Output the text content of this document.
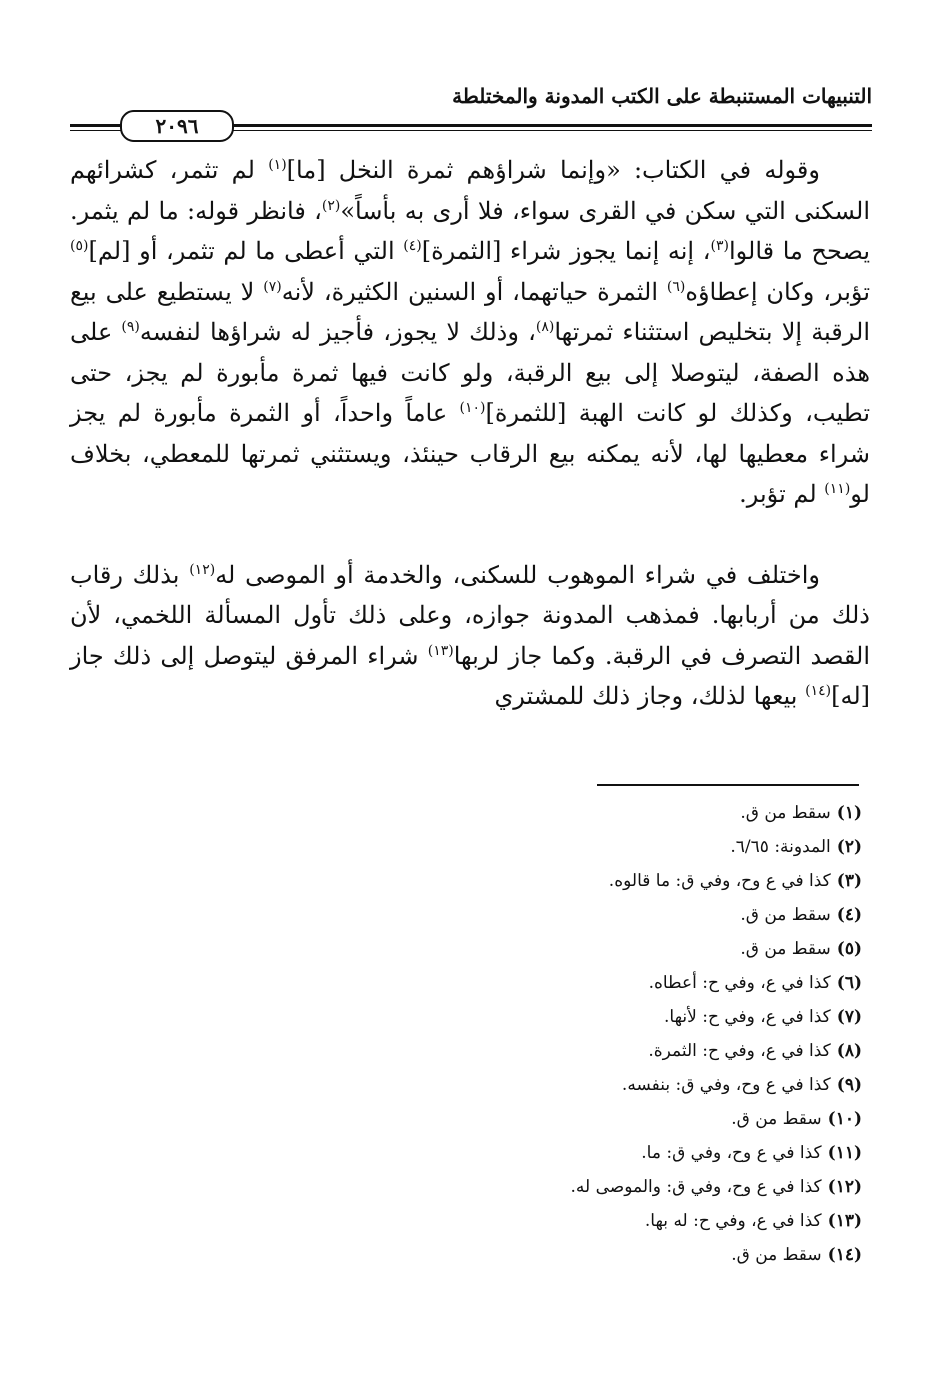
التنبيهات المستنبطة على الكتب المدونة والمختلطة
٢٠٩٦

وقوله في الكتاب: «وإنما شراؤهم ثمرة النخل [ما]$^{(١)}$ لم تثمر، كشرائهم السكنى التي سكن في القرى سواء، فلا أرى به بأساً»$^{(٢)}$، فانظر قوله: ما لم يثمر. يصحح ما قالوا$^{(٣)}$، إنه إنما يجوز شراء [الثمرة]$^{(٤)}$ التي أعطى ما لم تثمر، أو [لم]$^{(٥)}$ تؤبر، وكان إعطاؤه$^{(٦)}$ الثمرة حياتهما، أو السنين الكثيرة، لأنه$^{(٧)}$ لا يستطيع على بيع الرقبة إلا بتخليص استثناء ثمرتها$^{(٨)}$، وذلك لا يجوز، فأجيز له شراؤها لنفسه$^{(٩)}$ على هذه الصفة، ليتوصلا إلى بيع الرقبة، ولو كانت فيها ثمرة مأبورة لم يجز، حتى تطيب، وكذلك لو كانت الهبة [للثمرة]$^{(١٠)}$ عاماً واحداً، أو الثمرة مأبورة لم يجز شراء معطيها لها، لأنه يمكنه بيع الرقاب حينئذ، ويستثني ثمرتها للمعطي، بخلاف لو$^{(١١)}$ لم تؤبر.

واختلف في شراء الموهوب للسكنى، والخدمة أو الموصى له$^{(١٢)}$ بذلك رقاب ذلك من أربابها. فمذهب المدونة جوازه، وعلى ذلك تأول المسألة اللخمي، لأن القصد التصرف في الرقبة. وكما جاز لربها$^{(١٣)}$ شراء المرفق ليتوصل إلى ذلك جاز [له]$^{(١٤)}$ بيعها لذلك، وجاز ذلك للمشتري

(١)سقط من ق.
(٢)المدونة: ٦/٦٥.
(٣)كذا في ع وح، وفي ق: ما قالوه.
(٤)سقط من ق.
(٥)سقط من ق.
(٦)كذا في ع، وفي ح: أعطاه.
(٧)كذا في ع، وفي ح: لأنها.
(٨)كذا في ع، وفي ح: الثمرة.
(٩)كذا في ع وح، وفي ق: بنفسه.
(١٠)سقط من ق.
(١١)كذا في ع وح، وفي ق: ما.
(١٢)كذا في ع وح، وفي ق: والموصى له.
(١٣)كذا في ع، وفي ح: له بها.
(١٤)سقط من ق.
